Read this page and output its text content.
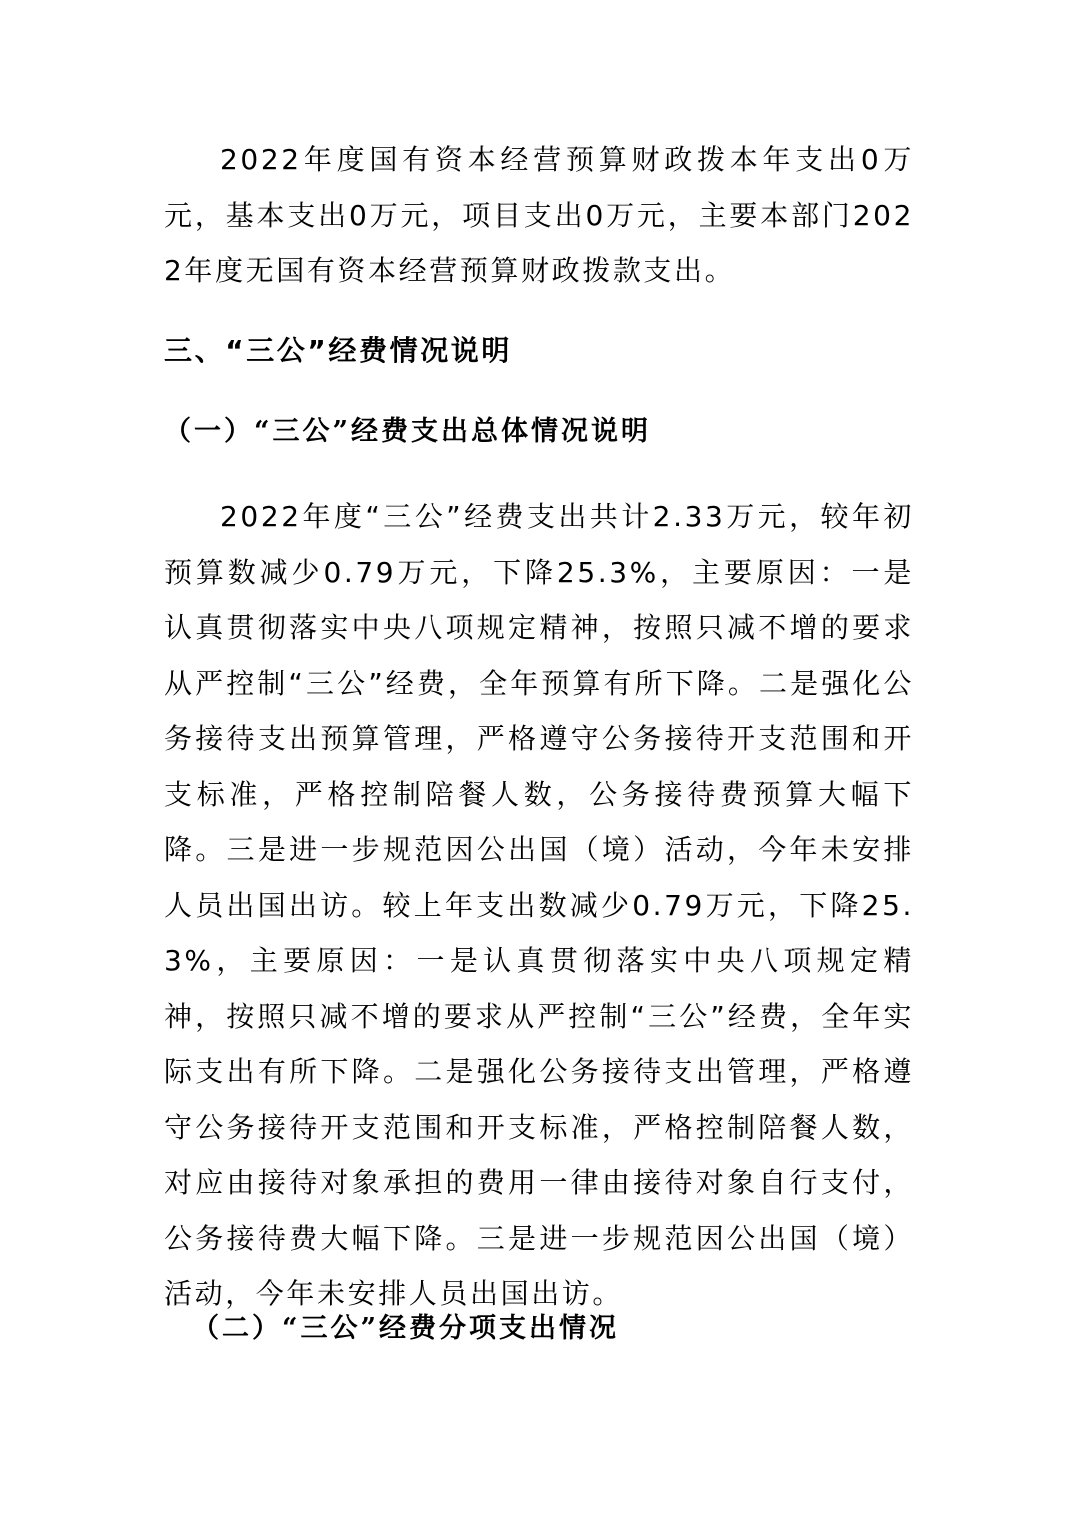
2022年度国有资本经营预算财政拨本年支出0万元，基本支出0万元，项目支出0万元，主要本部门2022年度无国有资本经营预算财政拨款支出。

三、“三公”经费情况说明
（一）“三公”经费支出总体情况说明

2022年度“三公”经费支出共计2.33万元，较年初预算数减少0.79万元，下降25.3%，主要原因：一是认真贯彻落实中央八项规定精神，按照只减不增的要求从严控制“三公”经费，全年预算有所下降。二是强化公务接待支出预算管理，严格遵守公务接待开支范围和开支标准，严格控制陪餐人数，公务接待费预算大幅下降。三是进一步规范因公出国（境）活动，今年未安排人员出国出访。较上年支出数减少0.79万元，下降25.3%，主要原因：一是认真贯彻落实中央八项规定精神，按照只减不增的要求从严控制“三公”经费，全年实际支出有所下降。二是强化公务接待支出管理，严格遵守公务接待开支范围和开支标准，严格控制陪餐人数，对应由接待对象承担的费用一律由接待对象自行支付，公务接待费大幅下降。三是进一步规范因公出国（境）活动，今年未安排人员出国出访。

（二）“三公”经费分项支出情况
